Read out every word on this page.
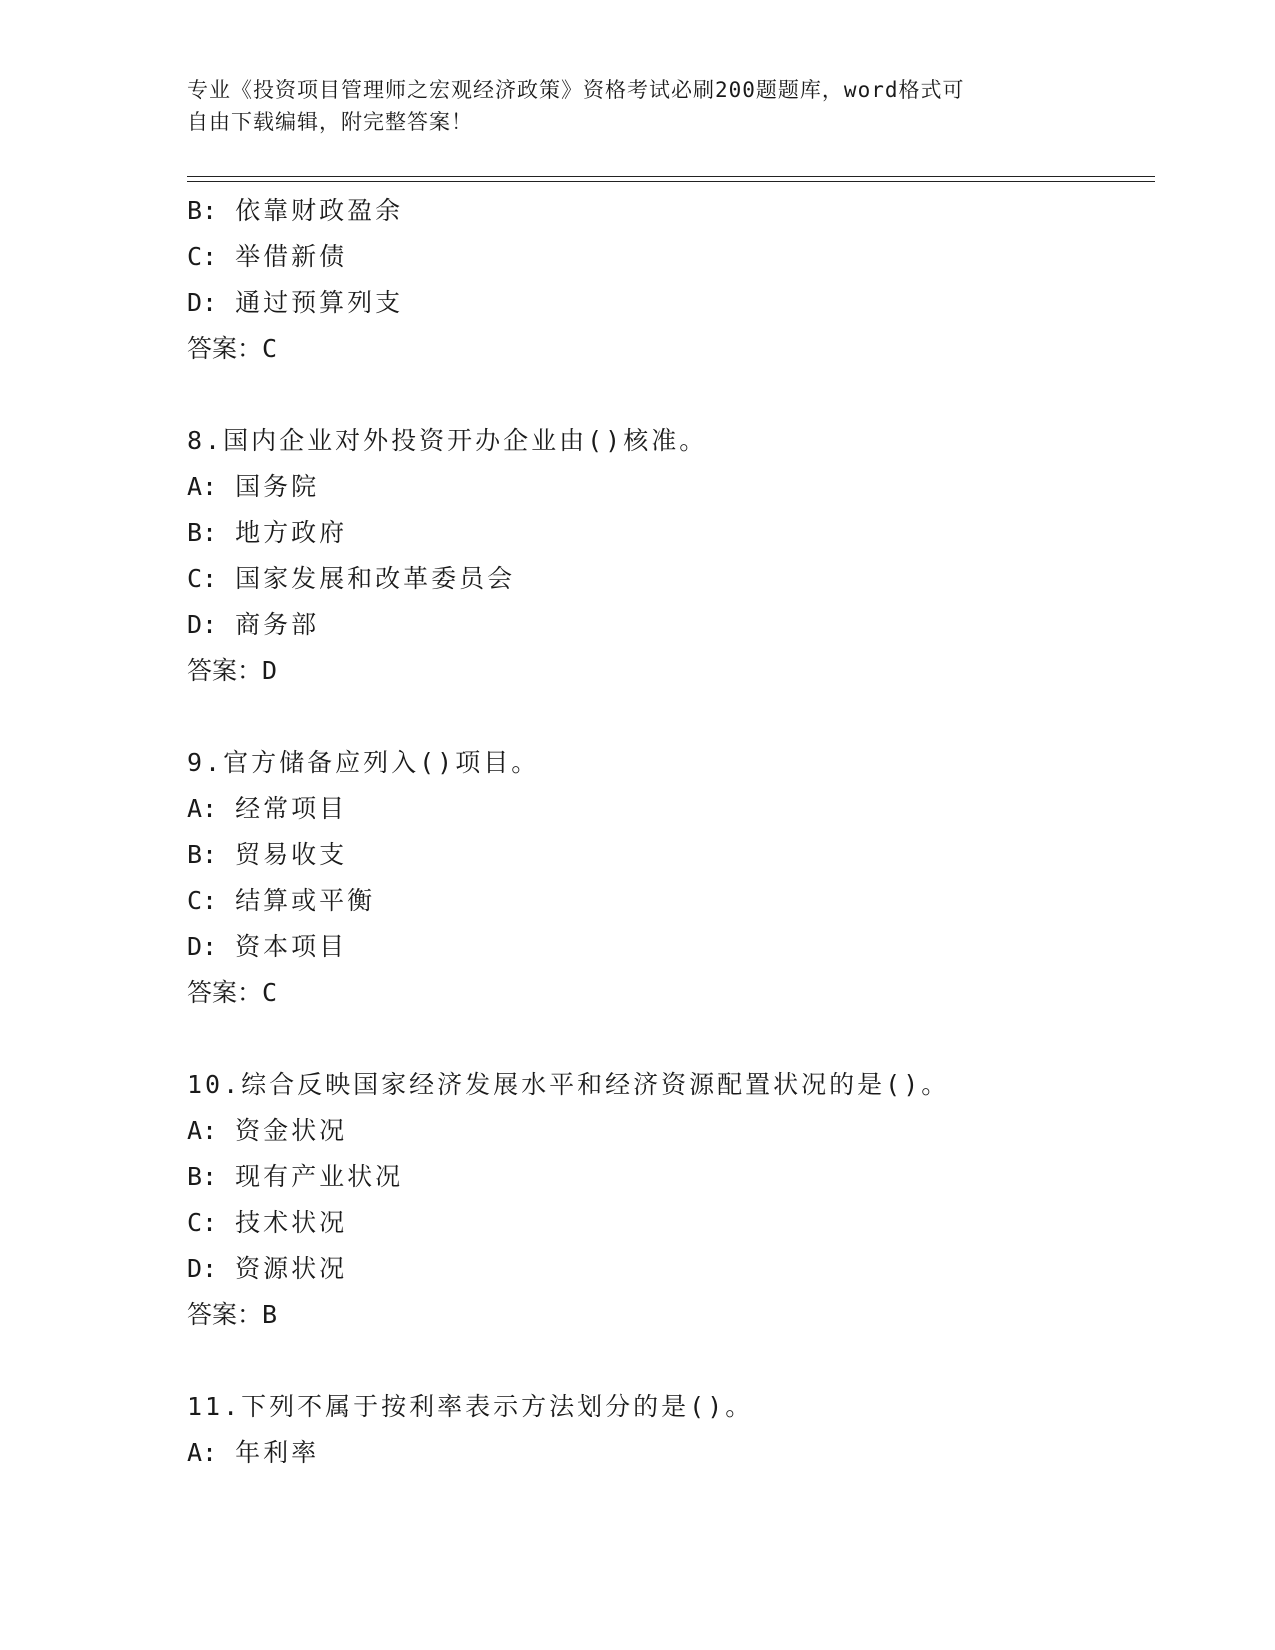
专业《投资项目管理师之宏观经济政策》资格考试必刷200题题库，word格式可
自由下载编辑，附完整答案！
B: 依靠财政盈余
C: 举借新债
D: 通过预算列支
答案：C
8.国内企业对外投资开办企业由()核准。
A: 国务院
B: 地方政府
C: 国家发展和改革委员会
D: 商务部
答案：D
9.官方储备应列入()项目。
A: 经常项目
B: 贸易收支
C: 结算或平衡
D: 资本项目
答案：C
10.综合反映国家经济发展水平和经济资源配置状况的是()。
A: 资金状况
B: 现有产业状况
C: 技术状况
D: 资源状况
答案：B
11.下列不属于按利率表示方法划分的是()。
A: 年利率
